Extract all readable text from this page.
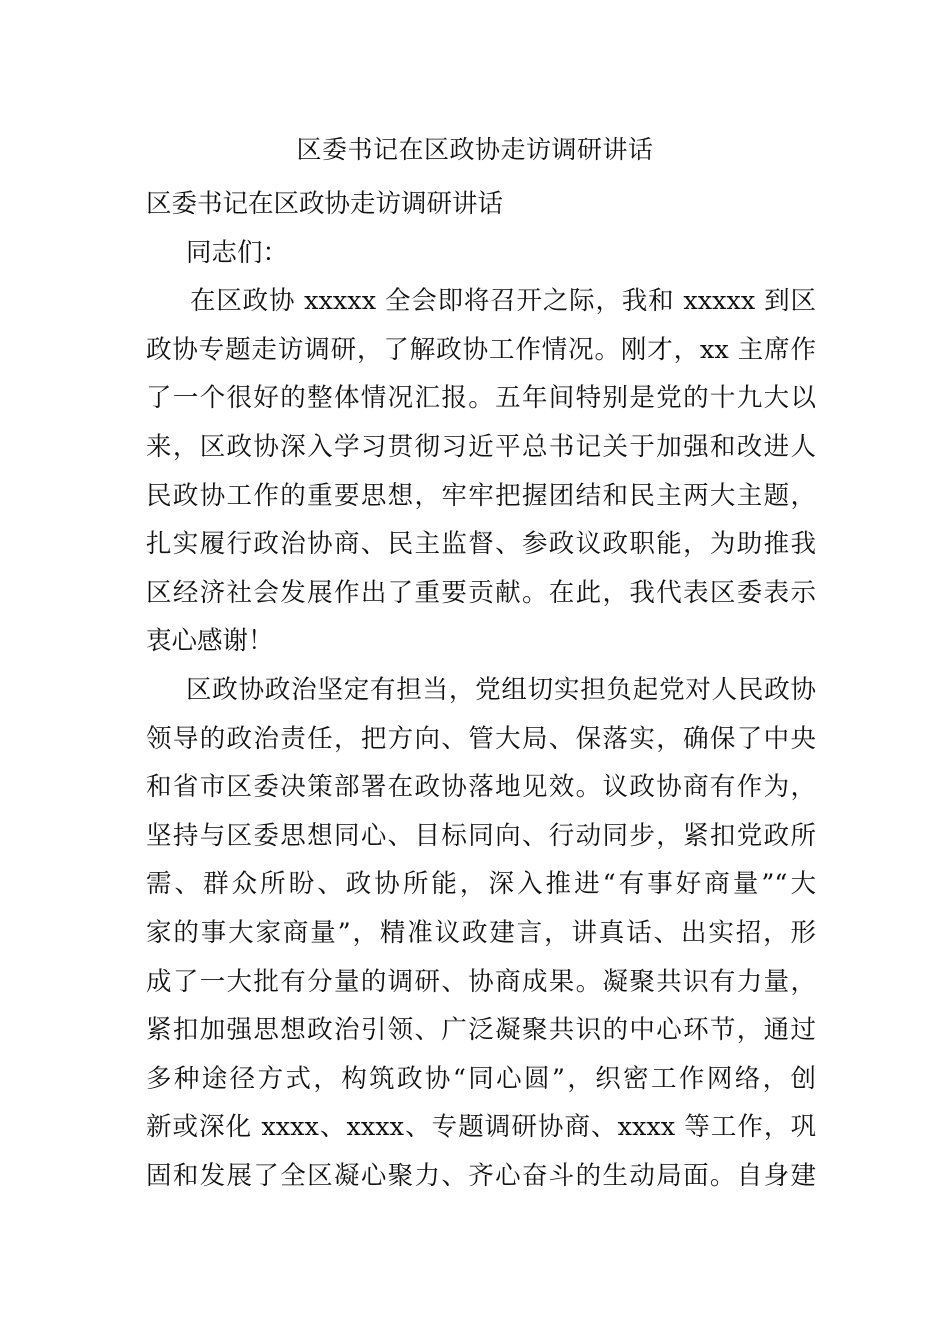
区委书记在区政协走访调研讲话
区委书记在区政协走访调研讲话
同志们：
在区政协 xxxxx 全会即将召开之际，我和 xxxxx 到区
政协专题走访调研，了解政协工作情况。刚才，xx 主席作
了一个很好的整体情况汇报。五年间特别是党的十九大以
来，区政协深入学习贯彻习近平总书记关于加强和改进人
民政协工作的重要思想，牢牢把握团结和民主两大主题，
扎实履行政治协商、民主监督、参政议政职能，为助推我
区经济社会发展作出了重要贡献。在此，我代表区委表示
衷心感谢！
区政协政治坚定有担当，党组切实担负起党对人民政协
领导的政治责任，把方向、管大局、保落实，确保了中央
和省市区委决策部署在政协落地见效。议政协商有作为，
坚持与区委思想同心、目标同向、行动同步，紧扣党政所
需、群众所盼、政协所能，深入推进“有事好商量”“大
家的事大家商量”，精准议政建言，讲真话、出实招，形
成了一大批有分量的调研、协商成果。凝聚共识有力量，
紧扣加强思想政治引领、广泛凝聚共识的中心环节，通过
多种途径方式，构筑政协“同心圆”，织密工作网络，创
新或深化 xxxx、xxxx、专题调研协商、xxxx 等工作，巩
固和发展了全区凝心聚力、齐心奋斗的生动局面。自身建
